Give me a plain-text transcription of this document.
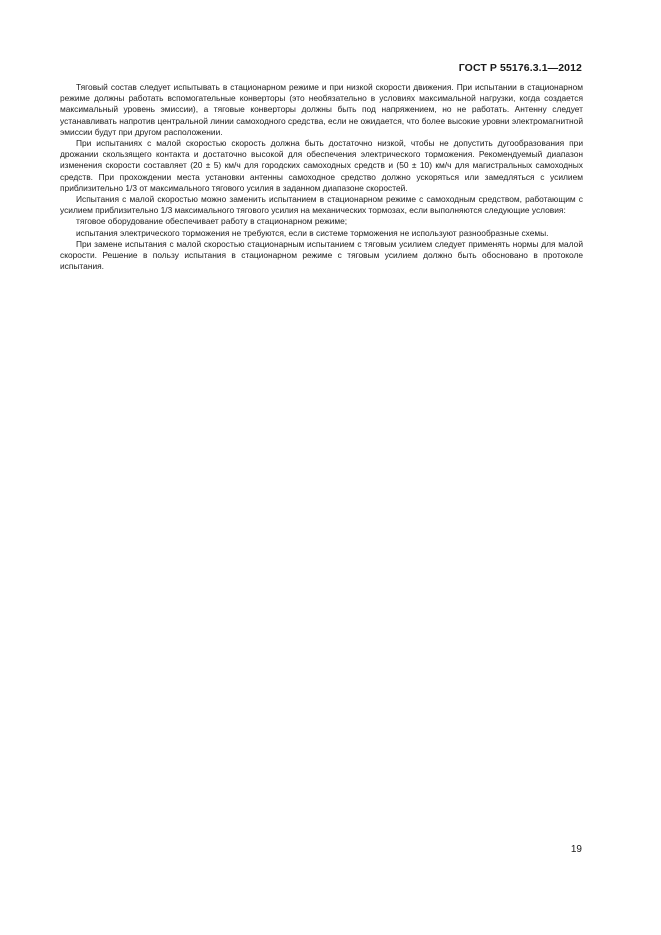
ГОСТ Р 55176.3.1—2012

Тяговый состав следует испытывать в стационарном режиме и при низкой скорости движения. При испытании в стационарном режиме должны работать вспомогательные конверторы (это необязательно в условиях максимальной нагрузки, когда создается максимальный уровень эмиссии), а тяговые конверторы должны быть под напряжением, но не работать. Антенну следует устанавливать напротив центральной линии самоходного средства, если не ожидается, что более высокие уровни электромагнитной эмиссии будут при другом расположении.

При испытаниях с малой скоростью скорость должна быть достаточно низкой, чтобы не допустить дугообразования при дрожании скользящего контакта и достаточно высокой для обеспечения электрического торможения. Рекомендуемый диапазон изменения скорости составляет (20 ± 5) км/ч для городских самоходных средств и (50 ± 10) км/ч для магистральных самоходных средств. При прохождении места установки антенны самоходное средство должно ускоряться или замедляться с усилием приблизительно 1/3 от максимального тягового усилия в заданном диапазоне скоростей.

Испытания с малой скоростью можно заменить испытанием в стационарном режиме с самоходным средством, работающим с усилием приблизительно 1/3 максимального тягового усилия на механических тормозах, если выполняются следующие условия:

тяговое оборудование обеспечивает работу в стационарном режиме;

испытания электрического торможения не требуются, если в системе торможения не используют разнообразные схемы.

При замене испытания с малой скоростью стационарным испытанием с тяговым усилием следует применять нормы для малой скорости. Решение в пользу испытания в стационарном режиме с тяговым усилием должно быть обосновано в протоколе испытания.

19
